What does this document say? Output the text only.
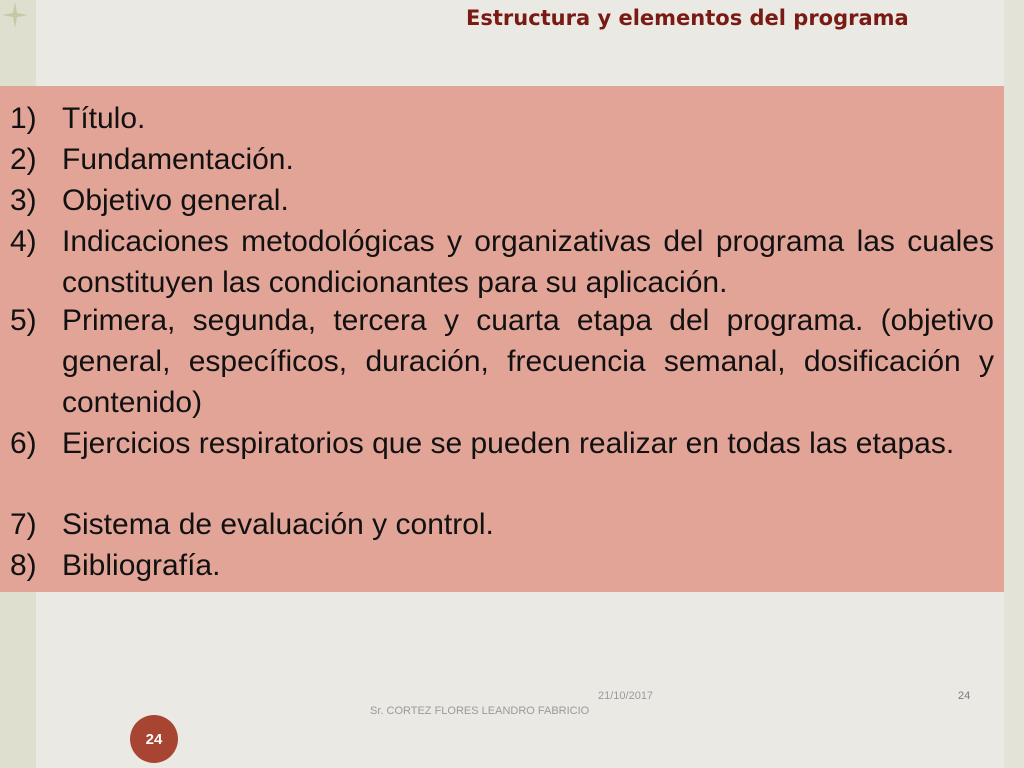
Estructura y elementos del programa
1) Título.
2) Fundamentación.
3) Objetivo general.
4) Indicaciones metodológicas y organizativas del programa las cuales constituyen las condicionantes para su aplicación.
5) Primera, segunda, tercera y cuarta etapa del programa. (objetivo general, específicos, duración, frecuencia semanal, dosificación y contenido)
6) Ejercicios respiratorios que se pueden realizar en todas las etapas.
7) Sistema de evaluación y control.
8) Bibliografía.
21/10/2017	24
Sr. CORTEZ FLORES LEANDRO FABRICIO
24
